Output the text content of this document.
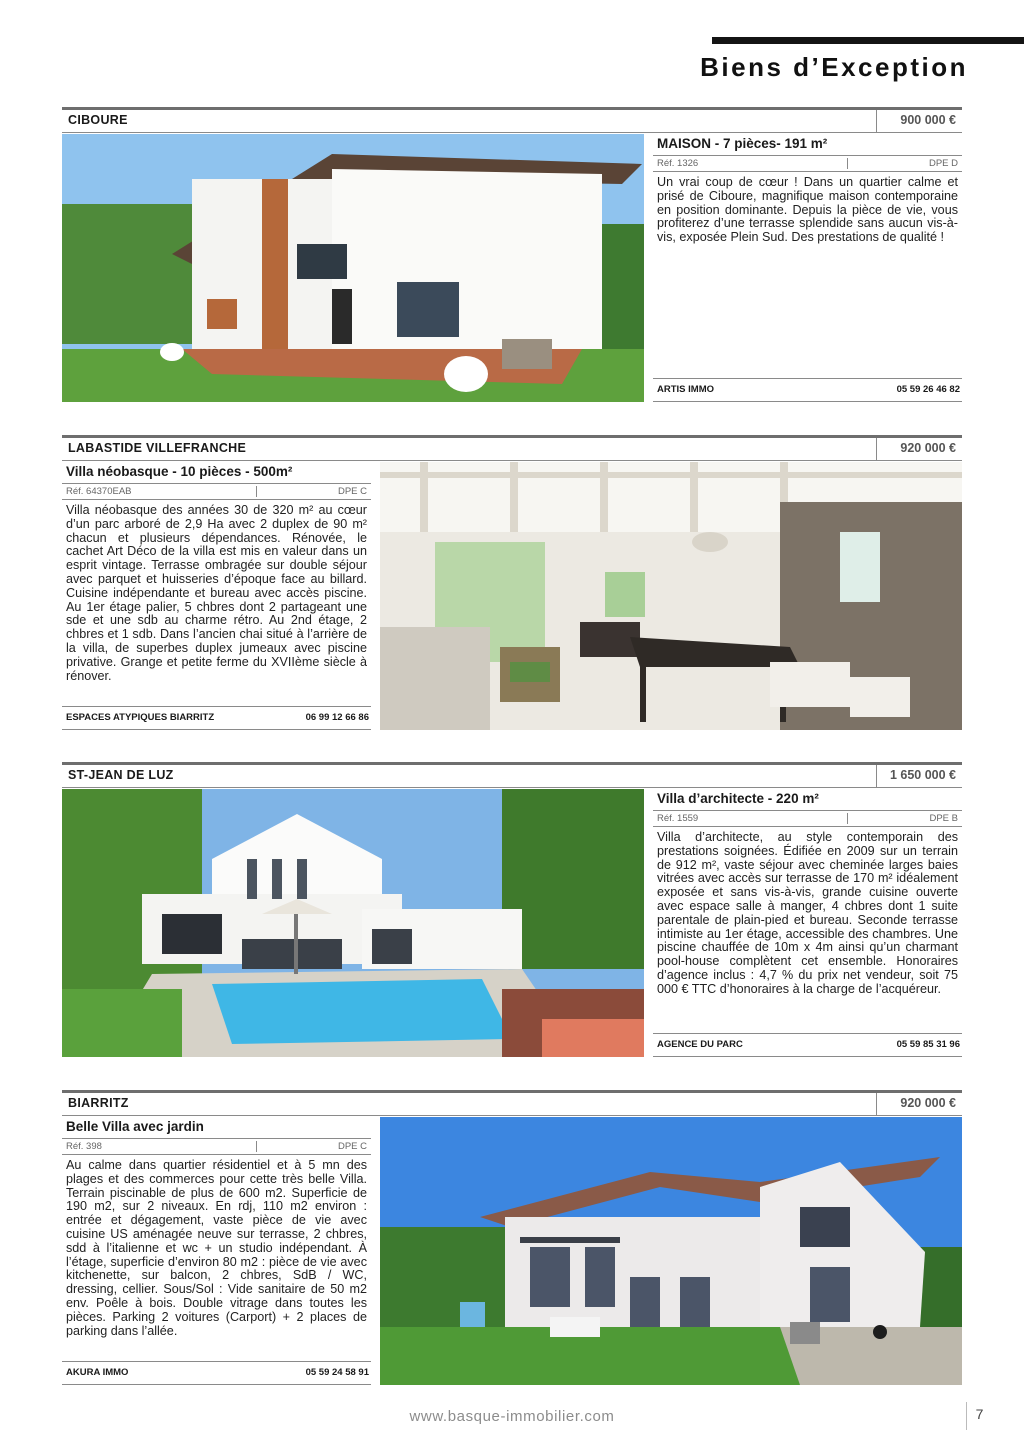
Biens d’Exception
CIBOURE	900 000 €
MAISON - 7 pièces- 191 m²
Réf. 1326	DPE D
Un vrai coup de cœur ! Dans un quartier calme et prisé de Ciboure, magnifique maison contemporaine en position dominante. Depuis la pièce de vie, vous profiterez d’une terrasse splendide sans aucun vis-à-vis, exposée Plein Sud. Des prestations de qualité !
ARTIS IMMO	05 59 26 46 82
LABASTIDE VILLEFRANCHE	920 000 €
Villa néobasque - 10 pièces - 500m²
Réf. 64370EAB	DPE C
Villa néobasque des années 30 de 320 m² au cœur d’un parc arboré de 2,9 Ha avec 2 duplex de 90 m² chacun et plusieurs dépendances. Rénovée, le cachet Art Déco de la villa est mis en valeur dans un esprit vintage. Terrasse ombragée sur double séjour avec parquet et huisseries d’époque face au billard. Cuisine indépendante et bureau avec accès piscine. Au 1er étage palier, 5 chbres dont 2 partageant une sde et une sdb au charme rétro. Au 2nd étage, 2 chbres et 1 sdb. Dans l’ancien chai situé à l’arrière de la villa, de superbes duplex jumeaux avec piscine privative. Grange et petite ferme du XVIIème siècle à rénover.
ESPACES ATYPIQUES BIARRITZ	06 99 12 66 86
ST-JEAN DE LUZ	1 650 000 €
Villa d’architecte - 220 m²
Réf. 1559	DPE B
Villa d’architecte, au style contemporain des prestations soignées. Édifiée en 2009 sur un terrain de 912 m², vaste séjour avec cheminée larges baies vitrées avec accès sur terrasse de 170 m² idéalement exposée et sans vis-à-vis, grande cuisine ouverte avec espace salle à manger, 4 chbres dont 1 suite parentale de plain-pied et bureau. Seconde terrasse intimiste au 1er étage, accessible des chambres. Une piscine chauffée de 10m x 4m ainsi qu’un charmant pool-house complètent cet ensemble. Honoraires d’agence inclus : 4,7 % du prix net vendeur, soit 75 000 € TTC d’honoraires à la charge de l’acquéreur.
AGENCE DU PARC	05 59 85 31 96
BIARRITZ	920 000 €
Belle Villa avec jardin
Réf. 398	DPE C
Au calme dans quartier résidentiel et à 5 mn des plages et des commerces pour cette très belle Villa. Terrain piscinable de plus de 600 m2. Superficie de 190 m2, sur 2 niveaux. En rdj, 110 m2 environ : entrée et dégagement, vaste pièce de vie avec cuisine US aménagée neuve sur terrasse, 2 chbres, sdd à l’italienne et wc + un studio indépendant. À l’étage, superficie d’environ 80 m2 : pièce de vie avec kitchenette, sur balcon, 2 chbres, SdB / WC, dressing, cellier. Sous/Sol : Vide sanitaire de 50 m2 env. Poêle à bois. Double vitrage dans toutes les pièces. Parking 2 voitures (Carport) + 2 places de parking dans l’allée.
AKURA IMMO	05 59 24 58 91
www.basque-immobilier.com	7
